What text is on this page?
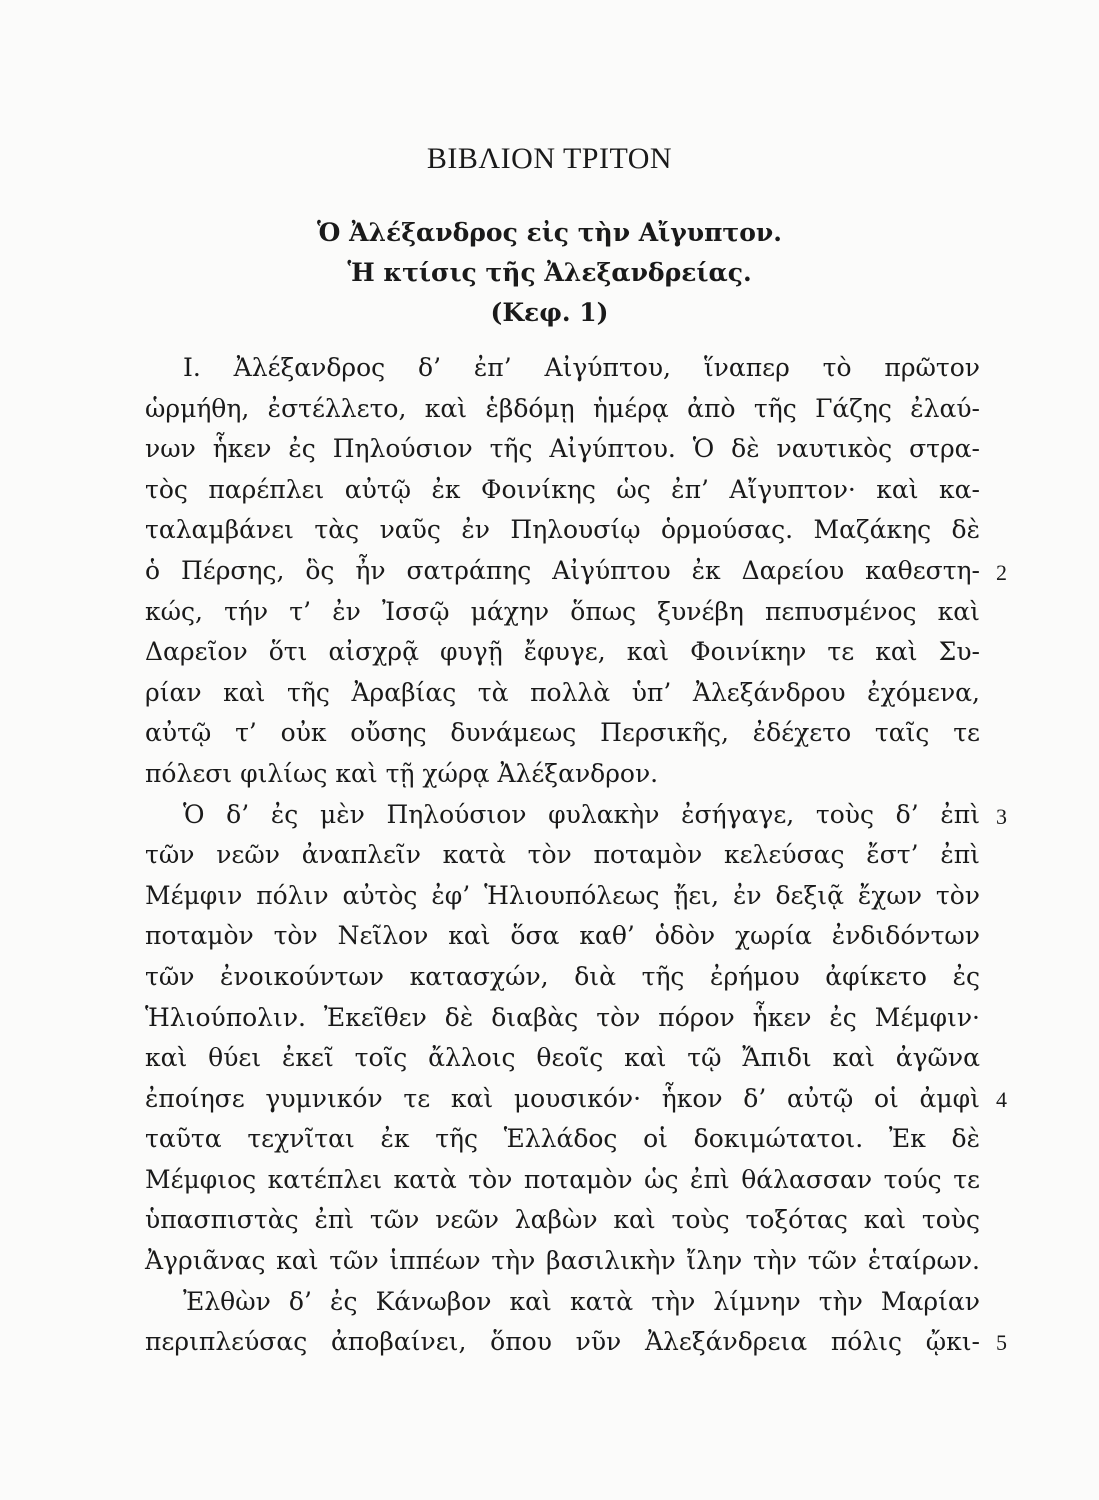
ΒΙΒΛΙΟΝ ΤΡΙΤΟΝ
Ὁ Ἀλέξανδρος εἰς τὴν Αἴγυπτον.
Ἡ κτίσις τῆς Ἀλεξανδρείας.
(Κεφ. 1)
Ι. Ἀλέξανδρος δ’ ἐπ’ Αἰγύπτου, ἵναπερ τὸ πρῶτον
ὡρμήθη, ἐστέλλετο, καὶ ἑβδόμῃ ἡμέρᾳ ἀπὸ τῆς Γάζης ἐλαύ-
νων ἧκεν ἐς Πηλούσιον τῆς Αἰγύπτου. Ὁ δὲ ναυτικὸς στρα-
τὸς παρέπλει αὐτῷ ἐκ Φοινίκης ὡς ἐπ’ Αἴγυπτον· καὶ κα-
ταλαμβάνει τὰς ναῦς ἐν Πηλουσίῳ ὁρμούσας. Μαζάκης δὲ
ὁ Πέρσης, ὃς ἦν σατράπης Αἰγύπτου ἐκ Δαρείου καθεστη-
κώς, τήν τ’ ἐν Ἰσσῷ μάχην ὅπως ξυνέβη πεπυσμένος καὶ
Δαρεῖον ὅτι αἰσχρᾷ φυγῇ ἔφυγε, καὶ Φοινίκην τε καὶ Συ-
ρίαν καὶ τῆς Ἀραβίας τὰ πολλὰ ὑπ’ Ἀλεξάνδρου ἐχόμενα,
αὐτῷ τ’ οὐκ οὔσης δυνάμεως Περσικῆς, ἐδέχετο ταῖς τε
πόλεσι φιλίως καὶ τῇ χώρᾳ Ἀλέξανδρον.
Ὁ δ’ ἐς μὲν Πηλούσιον φυλακὴν ἐσήγαγε, τοὺς δ’ ἐπὶ
τῶν νεῶν ἀναπλεῖν κατὰ τὸν ποταμὸν κελεύσας ἔστ’ ἐπὶ
Μέμφιν πόλιν αὐτὸς ἐφ’ Ἡλιουπόλεως ᾔει, ἐν δεξιᾷ ἔχων τὸν
ποταμὸν τὸν Νεῖλον καὶ ὅσα καθ’ ὁδὸν χωρία ἐνδιδόντων
τῶν ἐνοικούντων κατασχών, διὰ τῆς ἐρήμου ἀφίκετο ἐς
Ἡλιούπολιν. Ἐκεῖθεν δὲ διαβὰς τὸν πόρον ἧκεν ἐς Μέμφιν·
καὶ θύει ἐκεῖ τοῖς ἄλλοις θεοῖς καὶ τῷ Ἄπιδι καὶ ἀγῶνα
ἐποίησε γυμνικόν τε καὶ μουσικόν· ἧκον δ’ αὐτῷ οἱ ἀμφὶ
ταῦτα τεχνῖται ἐκ τῆς Ἑλλάδος οἱ δοκιμώτατοι. Ἐκ δὲ
Μέμφιος κατέπλει κατὰ τὸν ποταμὸν ὡς ἐπὶ θάλασσαν τούς τε
ὑπασπιστὰς ἐπὶ τῶν νεῶν λαβὼν καὶ τοὺς τοξότας καὶ τοὺς
Ἀγριᾶνας καὶ τῶν ἱππέων τὴν βασιλικὴν ἴλην τὴν τῶν ἑταίρων.
Ἐλθὼν δ’ ἐς Κάνωβον καὶ κατὰ τὴν λίμνην τὴν Μαρίαν
περιπλεύσας ἀποβαίνει, ὅπου νῦν Ἀλεξάνδρεια πόλις ᾤκι-
2
3
4
5
